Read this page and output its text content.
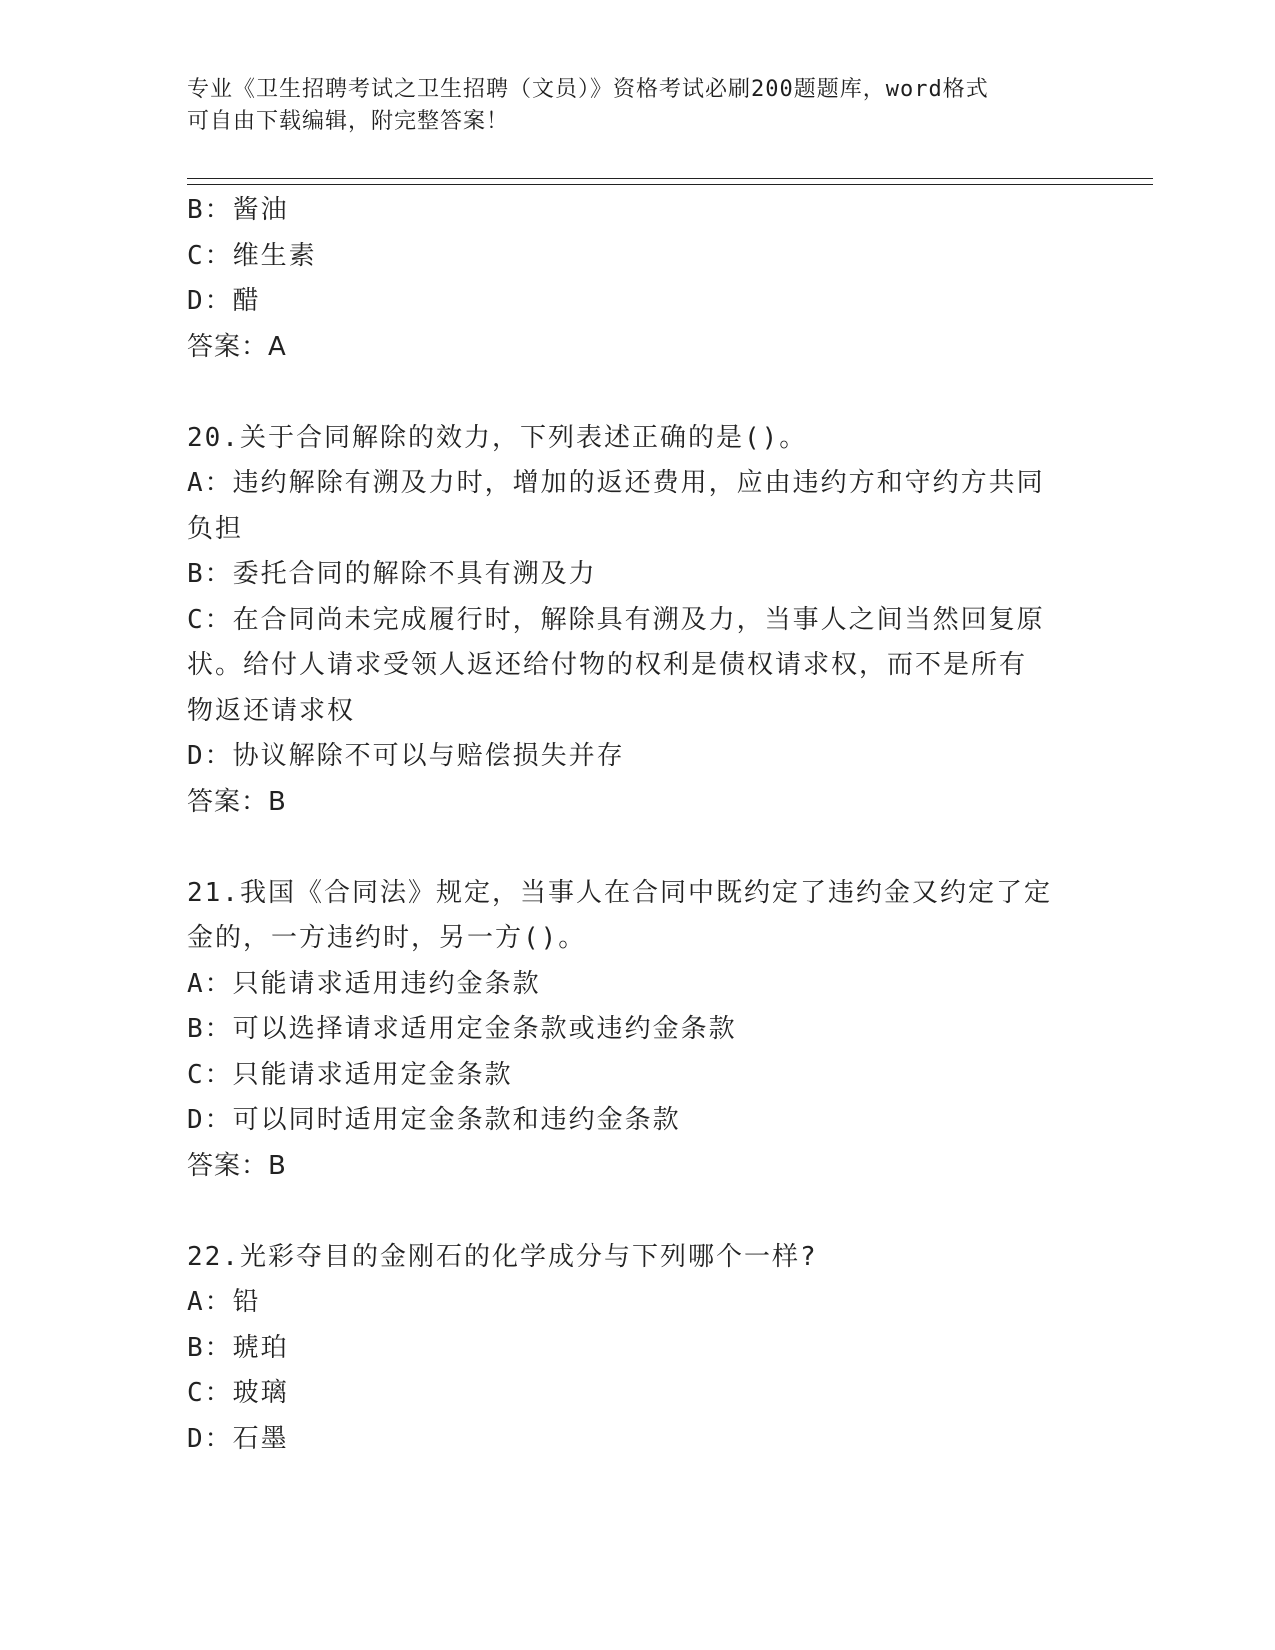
专业《卫生招聘考试之卫生招聘（文员）》资格考试必刷200题题库，word格式
可自由下载编辑，附完整答案！
B：酱油
C：维生素
D：醋
答案：A
20.关于合同解除的效力，下列表述正确的是()。
A：违约解除有溯及力时，增加的返还费用，应由违约方和守约方共同
负担
B：委托合同的解除不具有溯及力
C：在合同尚未完成履行时，解除具有溯及力，当事人之间当然回复原
状。给付人请求受领人返还给付物的权利是债权请求权，而不是所有
物返还请求权
D：协议解除不可以与赔偿损失并存
答案：B
21.我国《合同法》规定，当事人在合同中既约定了违约金又约定了定
金的，一方违约时，另一方()。
A：只能请求适用违约金条款
B：可以选择请求适用定金条款或违约金条款
C：只能请求适用定金条款
D：可以同时适用定金条款和违约金条款
答案：B
22.光彩夺目的金刚石的化学成分与下列哪个一样?
A：铅
B：琥珀
C：玻璃
D：石墨
